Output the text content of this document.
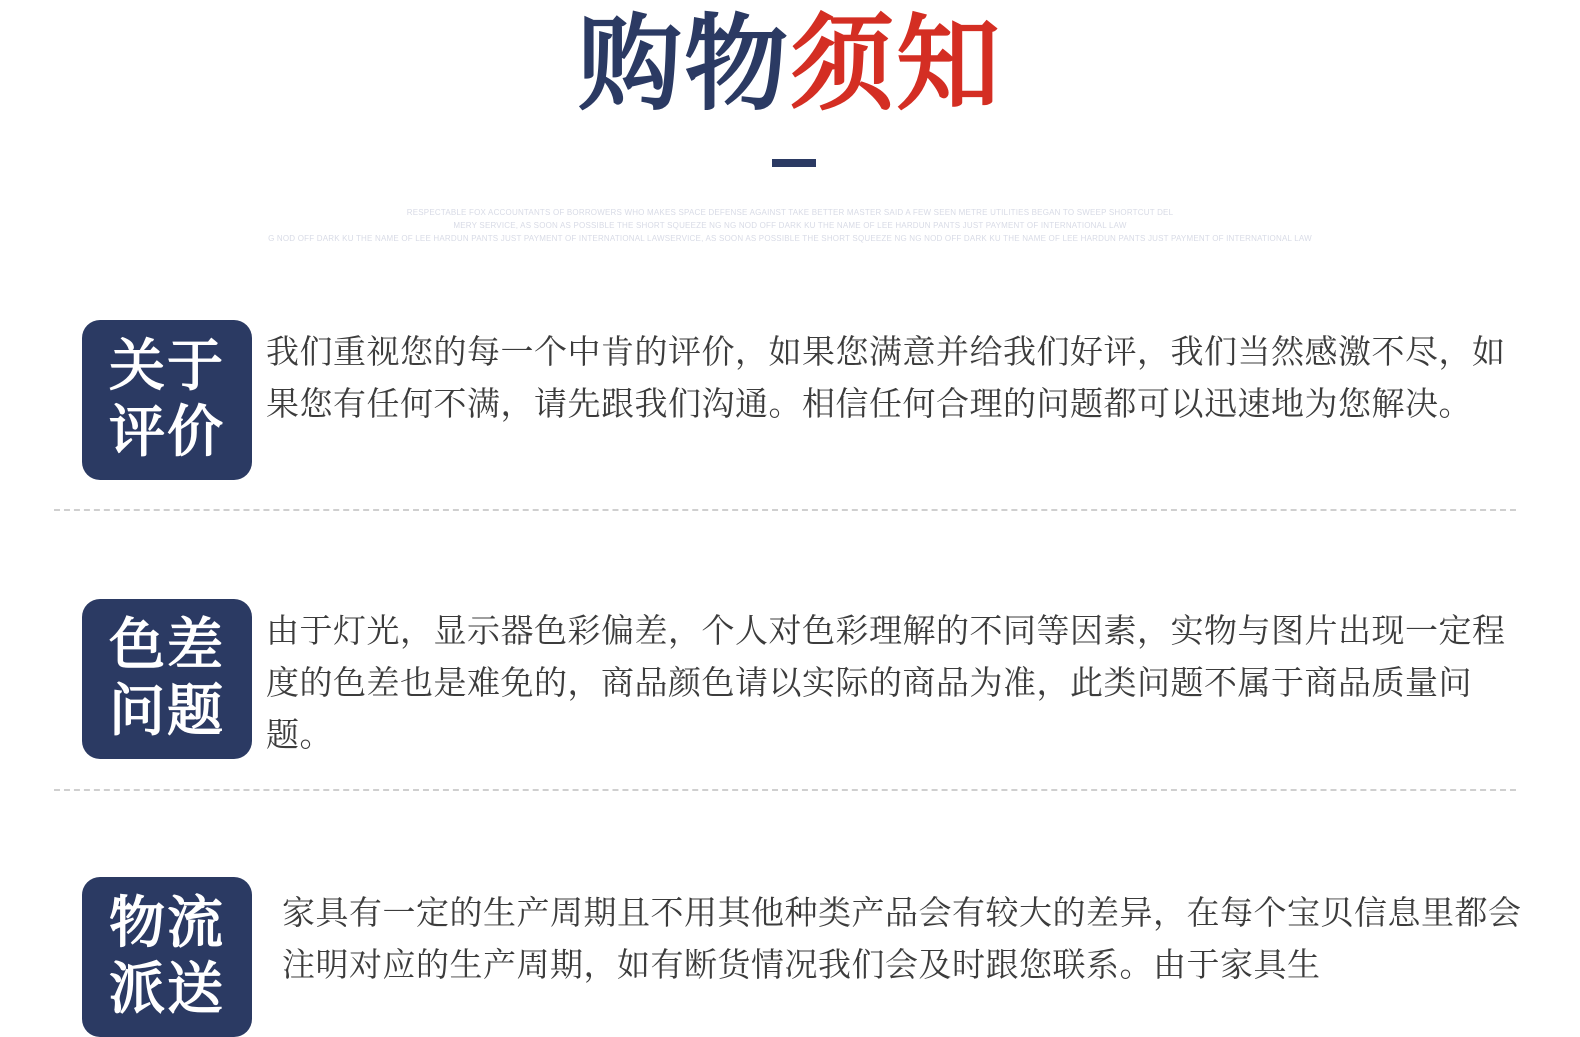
购物须知
RESPECTABLE FOX ACCOUNTANTS OF BORROWERS WHO MAKES SPACE DEFENSE AGAINST TAKE BETTER MASTER SAID A FEW SEEN METRE UTILITIES BEGAN TO SWEEP SHORTCUT DEL
MERY SERVICE, AS SOON AS POSSIBLE THE SHORT SQUEEZE NG NG NOD OFF DARK KU THE NAME OF LEE HARDUN PANTS JUST PAYMENT OF INTERNATIONAL LAW
G NOD OFF DARK KU THE NAME OF LEE HARDUN PANTS JUST PAYMENT OF INTERNATIONAL LAWSERVICE, AS SOON AS POSSIBLE THE SHORT SQUEEZE NG NG NOD OFF DARK KU THE NAME OF LEE HARDUN PANTS JUST PAYMENT OF INTERNATIONAL LAW
关于
评价
我们重视您的每一个中肯的评价，如果您满意并给我们好评，我们当然感激不尽，如果您有任何不满，请先跟我们沟通。相信任何合理的问题都可以迅速地为您解决。
色差
问题
由于灯光，显示器色彩偏差，个人对色彩理解的不同等因素，实物与图片出现一定程度的色差也是难免的，商品颜色请以实际的商品为准，此类问题不属于商品质量问题。
物流
派送
家具有一定的生产周期且不用其他种类产品会有较大的差异，在每个宝贝信息里都会注明对应的生产周期，如有断货情况我们会及时跟您联系。由于家具生
